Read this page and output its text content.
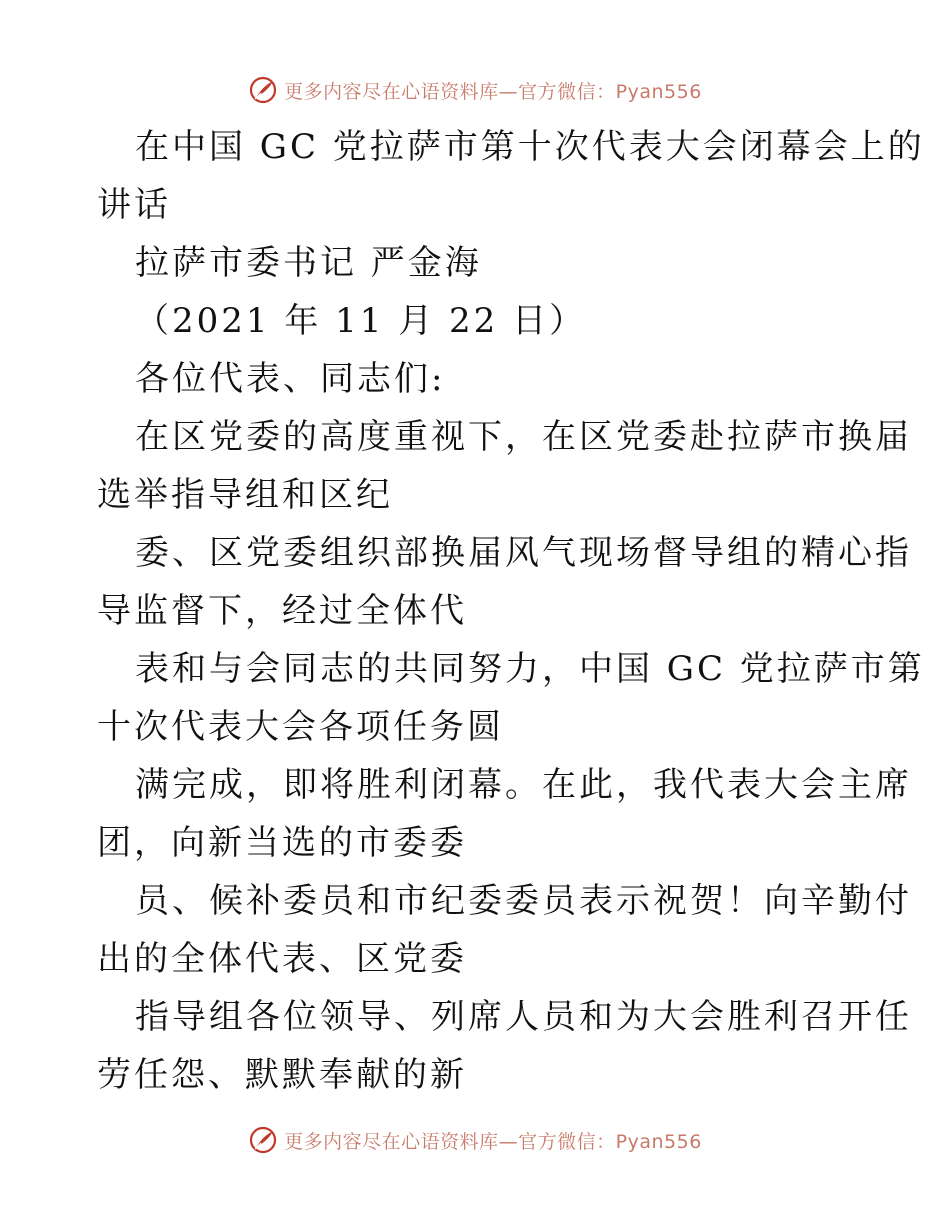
更多内容尽在心语资料库—官方微信：Pyan556
在中国 GC 党拉萨市第十次代表大会闭幕会上的
讲话
拉萨市委书记 严金海
（2021 年 11 月 22 日）
各位代表、同志们:
在区党委的高度重视下，在区党委赴拉萨市换届
选举指导组和区纪
委、区党委组织部换届风气现场督导组的精心指
导监督下，经过全体代
表和与会同志的共同努力，中国 GC 党拉萨市第
十次代表大会各项任务圆
满完成，即将胜利闭幕。在此，我代表大会主席
团，向新当选的市委委
员、候补委员和市纪委委员表示祝贺！向辛勤付
出的全体代表、区党委
指导组各位领导、列席人员和为大会胜利召开任
劳任怨、默默奉献的新
更多内容尽在心语资料库—官方微信：Pyan556
